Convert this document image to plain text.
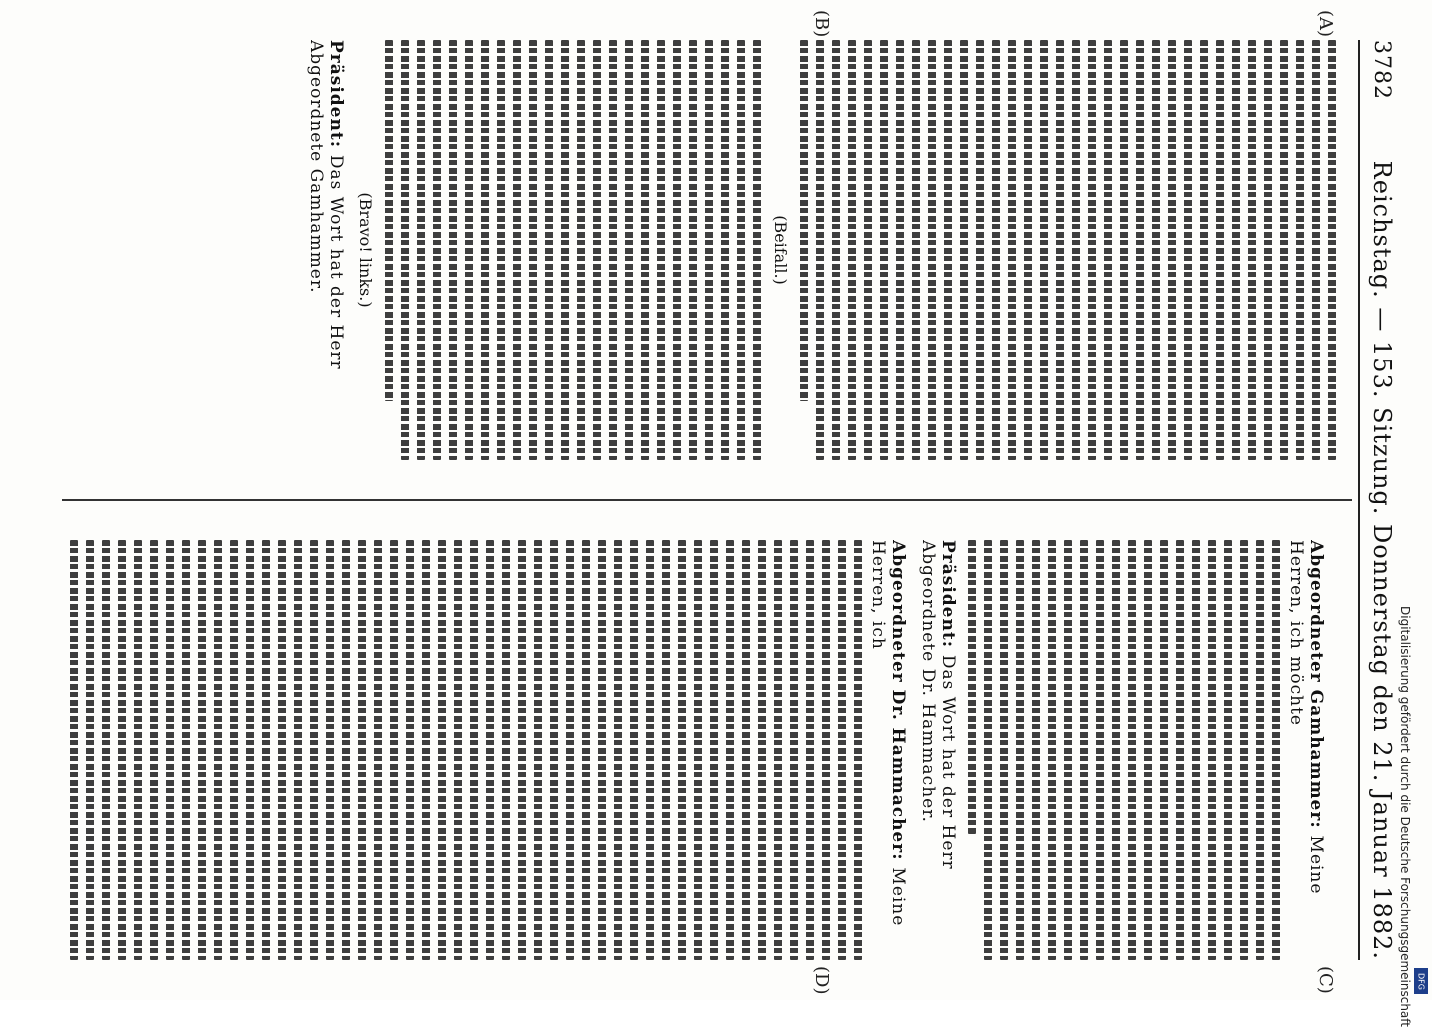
3782
Reichstag. — 153. Sitzung. Donnerstag den 21. Januar 1882.
(A)
(B)
(C)
(D)
(Beifall.)
(Bravo! links.)
Präsident: Das Wort hat der Herr Abgeordnete Gamhammer.
Abgeordneter Gamhammer: Meine Herren, ich möchte
Präsident: Das Wort hat der Herr Abgeordnete Dr. Hammacher.
Abgeordneter Dr. Hammacher: Meine Herren, ich
Digitalisierung gefördert durch die Deutsche Forschungsgemeinschaft DFG
